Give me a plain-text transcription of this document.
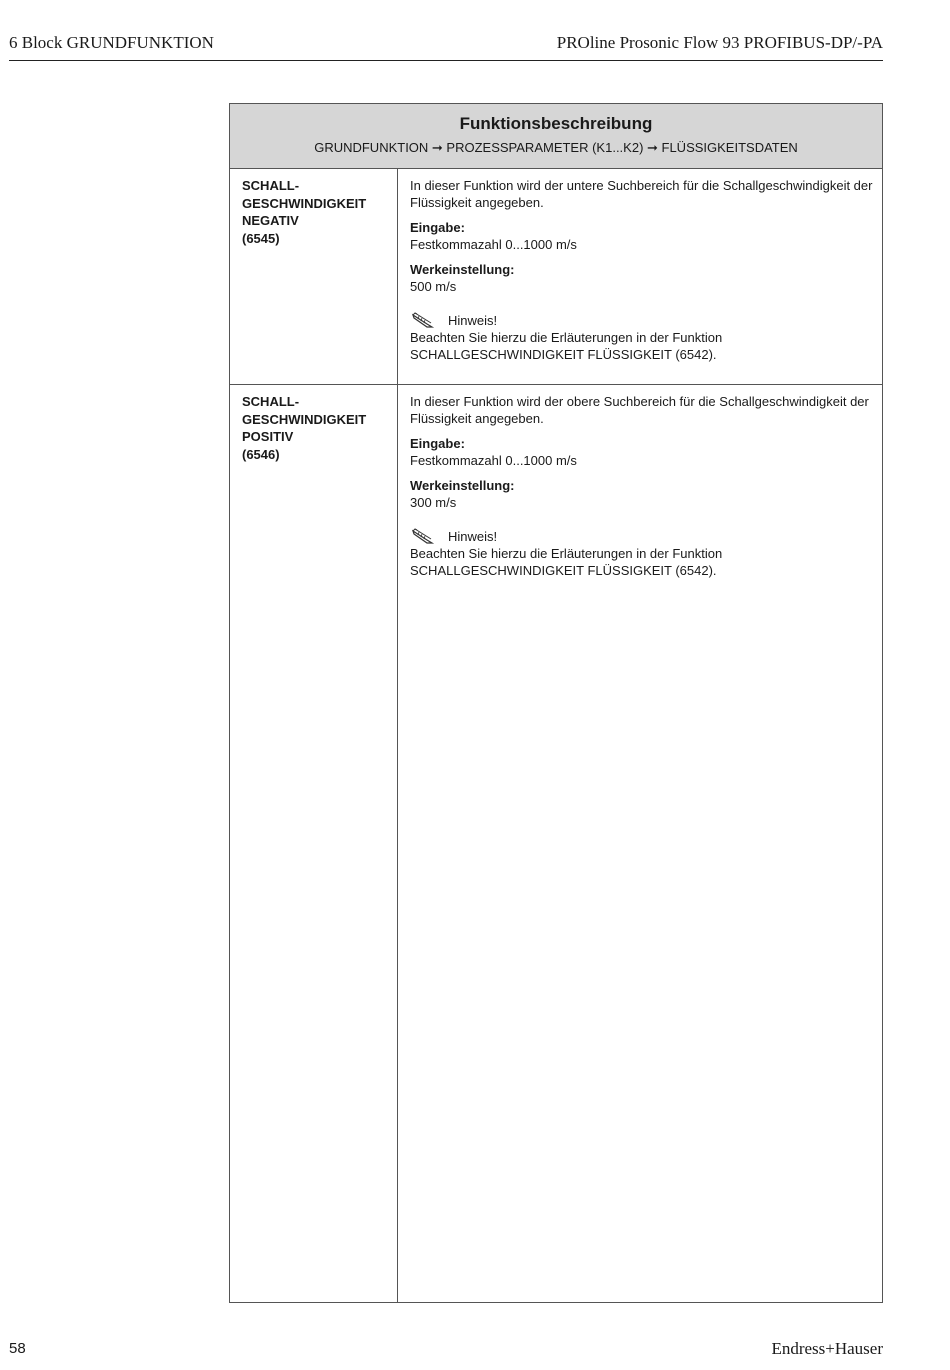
6 Block GRUNDFUNKTION	PROline Prosonic Flow 93 PROFIBUS-DP/-PA
Funktionsbeschreibung
GRUNDFUNKTION ➞ PROZESSPARAMETER (K1...K2) ➞ FLÜSSIGKEITSDATEN
SCHALL-
GESCHWINDIGKEIT
NEGATIV
(6545)

In dieser Funktion wird der untere Suchbereich für die Schallgeschwindigkeit der Flüssigkeit angegeben.

Eingabe:

Festkommazahl 0...1000 m/s

Werkeinstellung:

500 m/s

Hinweis!

Beachten Sie hierzu die Erläuterungen in der Funktion

SCHALLGESCHWINDIGKEIT FLÜSSIGKEIT (6542).

SCHALL-
GESCHWINDIGKEIT
POSITIV
(6546)

In dieser Funktion wird der obere Suchbereich für die Schallgeschwindigkeit der Flüssigkeit angegeben.

Eingabe:

Festkommazahl 0...1000 m/s

Werkeinstellung:

300 m/s

Hinweis!

Beachten Sie hierzu die Erläuterungen in der Funktion

SCHALLGESCHWINDIGKEIT FLÜSSIGKEIT (6542).

58	Endress+Hauser
